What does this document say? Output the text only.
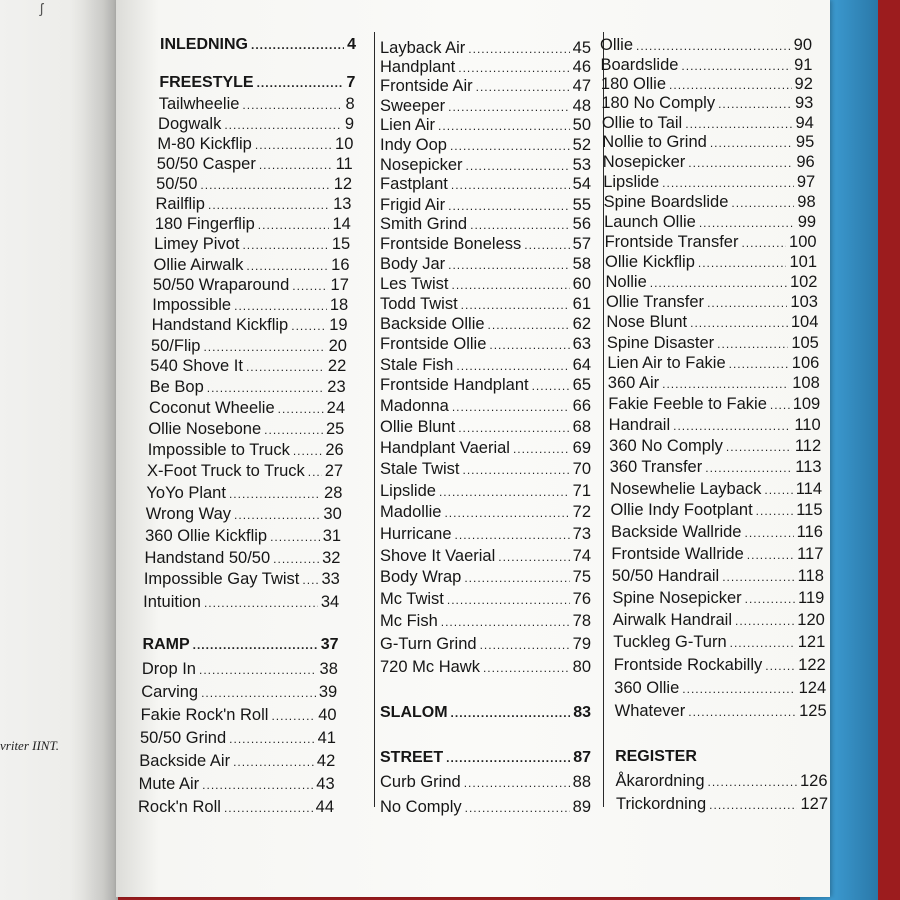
ʃ
vriter IINT.
INLEDNING .....	4
FREESTYLE .....	7
Tailwheelie .....	8
Dogwalk .....	9
M-80 Kickflip .....	10
50/50 Casper .....	11
50/50 .....	12
Railflip .....	13
180 Fingerflip .....	14
Limey Pivot .....	15
Ollie Airwalk .....	16
50/50 Wraparound .....	17
Impossible .....	18
Handstand Kickflip ..... 19
50/Flip .....	20
540 Shove It .....	22
Be Bop .....	23
Coconut Wheelie .....	24
Ollie Nosebone .....	25
Impossible to Truck ..... 26
X-Foot Truck to Truck ..... 27
YoYo Plant .....	28
Wrong Way .....	30
360 Ollie Kickflip .....	31
Handstand 50/50 .....	32
Impossible Gay Twist ..... 33
Intuition .....	34
RAMP .....	37
Drop In .....	38
Carving .....	39
Fakie Rock'n Roll .....	40
50/50 Grind .....	41
Backside Air .....	42
Mute Air .....	43
Rock'n Roll .....	44
Layback Air .....	45
Handplant .....	46
Frontside Air .....	47
Sweeper .....	48
Lien Air .....	50
Indy Oop .....	52
Nosepicker .....	53
Fastplant .....	54
Frigid Air .....	55
Smith Grind .....	56
Frontside Boneless .....	57
Body Jar .....	58
Les Twist .....	60
Todd Twist .....	61
Backside Ollie .....	62
Frontside Ollie .....	63
Stale Fish .....	64
Frontside Handplant .....	65
Madonna .....	66
Ollie Blunt .....	68
Handplant Vaerial .....	69
Stale Twist .....	70
Lipslide .....	71
Madollie .....	72
Hurricane .....	73
Shove It Vaerial .....	74
Body Wrap .....	75
Mc Twist .....	76
Mc Fish .....	78
G-Turn Grind .....	79
720 Mc Hawk .....	80
SLALOM .....	83
STREET .....	87
Curb Grind .....	88
No Comply .....	89
Ollie .....	90
Boardslide .....	91
180 Ollie .....	92
180 No Comply .....	93
Ollie to Tail .....	94
Nollie to Grind .....	95
Nosepicker .....	96
Lipslide .....	97
Spine Boardslide .....	98
Launch Ollie .....	99
Frontside Transfer .....	100
Ollie Kickflip .....	101
Nollie .....	102
Ollie Transfer .....	103
Nose Blunt .....	104
Spine Disaster .....	105
Lien Air to Fakie .....	106
360 Air .....	108
Fakie Feeble to Fakie ..... 109
Handrail .....	110
360 No Comply .....	112
360 Transfer .....	113
Nosewhelie Layback ..... 114
Ollie Indy Footplant .....	115
Backside Wallride .....	116
Frontside Wallride .....	117
50/50 Handrail .....	118
Spine Nosepicker .....	119
Airwalk Handrail .....	120
Tuckleg G-Turn .....	121
Frontside Rockabilly ..... 122
360 Ollie .....	124
Whatever .....	125
REGISTER
Åkarordning .....	126
Trickordning .....	127
